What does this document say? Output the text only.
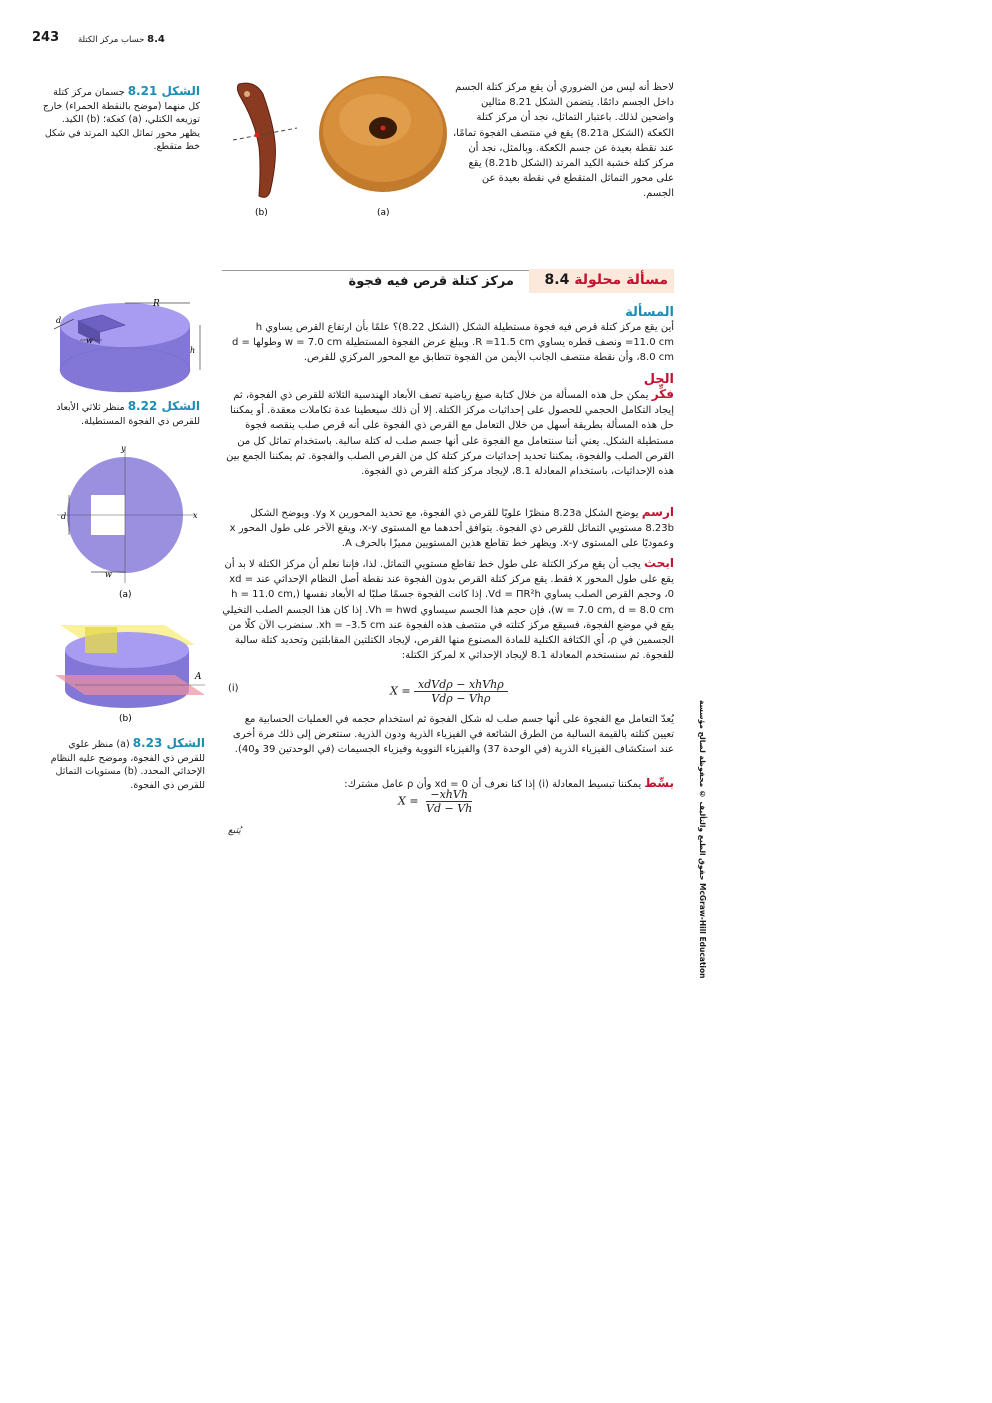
243	8.4 حساب مركز الكتلة
لاحظ أنه ليس من الضروري أن يقع مركز كتلة الجسم داخل الجسم دائمًا. يتضمن الشكل 8.21 مثالين واضحين لذلك. باعتبار التماثل، نجد أن مركز كتلة الكعكة (الشكل 8.21a) يقع في منتصف الفجوة تمامًا، عند نقطة بعيدة عن جسم الكعكة. وبالمثل، نجد أن مركز كتلة خشبة الكيد المرتد (الشكل 8.21b) يقع على محور التماثل المتقطع في نقطة بعيدة عن الجسم.
(b)	(a)
الشكل 8.21 جسمان مركز كتلة كل منهما (موضح بالنقطة الحمراء) خارج توزيعه الكتلي، (a) كعكة؛ (b) الكيد. يظهر محور تماثل الكيد المرتد في شكل خط متقطع.
مسألة محلولة 8.4
مركز كتلة قرص فيه فجوة
المسألة
أين يقع مركز كتلة قرص فيه فجوة مستطيلة الشكل (الشكل 8.22)؟ علمًا بأن ارتفاع القرص يساوي h =11.0 cm ونصف قطره يساوي R =11.5 cm. ويبلغ عرض الفجوة المستطيلة w = 7.0 cm وطولها d = 8.0 cm، وأن نقطة منتصف الجانب الأيمن من الفجوة تتطابق مع المحور المركزي للقرص.
الحل
فكِّر يمكن حل هذه المسألة من خلال كتابة صيغ رياضية تصف الأبعاد الهندسية الثلاثة للقرص ذي الفجوة، ثم إيجاد التكامل الحجمي للحصول على إحداثيات مركز الكتلة. إلا أن ذلك سيعطينا عدة تكاملات معقدة. أو يمكننا حل هذه المسألة بطريقة أسهل من خلال التعامل مع القرص ذي الفجوة على أنه قرص صلب ينقصه فجوة مستطيلة الشكل. يعني أننا سنتعامل مع الفجوة على أنها جسم صلب له كتلة سالبة. باستخدام تماثل كل من القرص الصلب والفجوة، يمكننا تحديد إحداثيات مركز كتلة كل من القرص الصلب والفجوة. ثم يمكننا الجمع بين هذه الإحداثيات، باستخدام المعادلة 8.1، لإيجاد مركز كتلة القرص ذي الفجوة.
ارسم يوضح الشكل 8.23a منظرًا علويًا للقرص ذي الفجوة، مع تحديد المحورين x وy. ويوضح الشكل 8.23b مستويي التماثل للقرص ذي الفجوة. يتوافق أحدهما مع المستوى x-y، ويقع الآخر على طول المحور x وعموديًا على المستوى x-y. ويظهر خط تقاطع هذين المستويين مميزًا بالحرف A.
ابحث يجب أن يقع مركز الكتلة على طول خط تقاطع مستويي التماثل. لذا، فإننا نعلم أن مركز الكتلة لا بد أن يقع على طول المحور x فقط. يقع مركز كتلة القرص بدون الفجوة عند نقطة أصل النظام الإحداثي عند xd = 0، وحجم القرص الصلب يساوي Vd = ΠR²h. إذا كانت الفجوة جسمًا صلبًا له الأبعاد نفسها (h = 11.0 cm, w = 7.0 cm, d = 8.0 cm)، فإن حجم هذا الجسم سيساوي Vh = hwd. إذا كان هذا الجسم الصلب التخيلي يقع في موضع الفجوة، فسيقع مركز كتلته في منتصف هذه الفجوة عند xh = –3.5 cm. سنضرب الآن كلًا من الجسمين في ρ، أي الكثافة الكتلية للمادة المصنوع منها القرص، لإيجاد الكتلتين المقابلتين وتحديد كتلة سالبة للفجوة. ثم سنستخدم المعادلة 8.1 لإيجاد الإحداثي x لمركز الكتلة:
$X = \frac{\text{xdVdρ − xhVhρ}}{\text{Vdρ − Vhρ}}$
(i)
يُعدّ التعامل مع الفجوة على أنها جسم صلب له شكل الفجوة ثم استخدام حجمه في العمليات الحسابية مع تعيين كتلته بالقيمة السالبة من الطرق الشائعة في الفيزياء الذرية ودون الذرية. سنتعرض إلى ذلك مرة أخرى عند استكشاف الفيزياء الذرية (في الوحدة 37) والفيزياء النووية وفيزياء الجسيمات (في الوحدتين 39 و40).
بسِّط يمكننا تبسيط المعادلة (i) إذا كنا نعرف أن xd = 0 وأن ρ عامل مشترك:
$X = \frac{\text{−xhVh}}{Vd - Vh}$
يُتبع
R
d
w
h
الشكل 8.22 منظر ثلاثي الأبعاد للقرص ذي الفجوة المستطيلة.
y
x
d
w
(a)
A
(b)
الشكل 8.23 (a) منظر علوي للقرص ذي الفجوة، وموضح عليه النظام الإحداثي المحدد. (b) مستويات التماثل للقرص ذي الفجوة.	حقوق الطبع والتأليف © محفوظة لصالح مؤسسة McGraw-Hill Education
